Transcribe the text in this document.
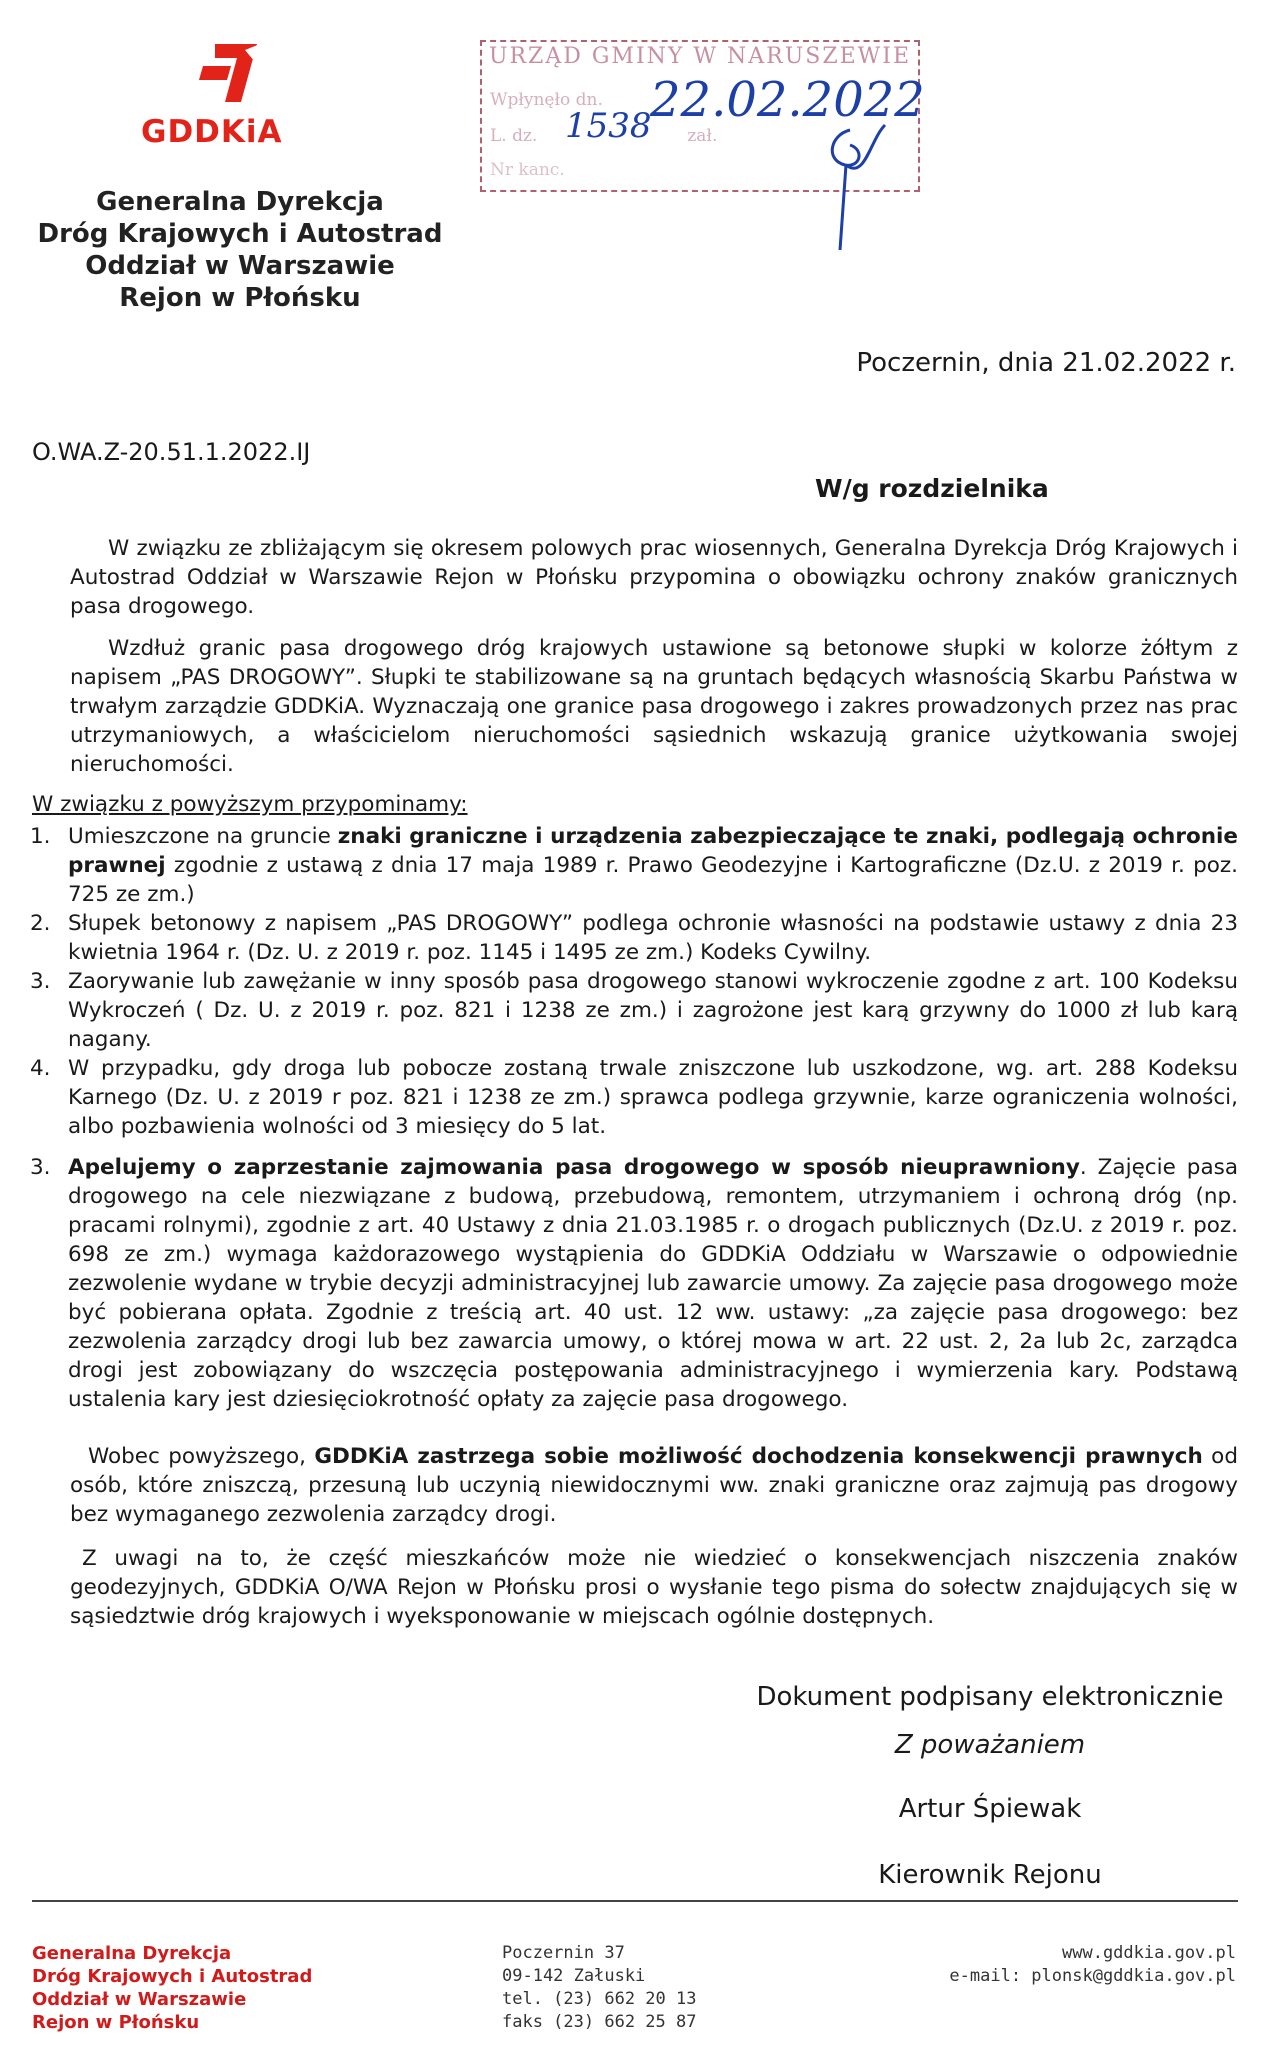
GDDKiA
Generalna Dyrekcja
Dróg Krajowych i Autostrad
Oddział w Warszawie
Rejon w Płońsku
URZĄD GMINY W NARUSZEWIE
Wpłynęło dn.
L. dz.	zał.
Nr kanc.
22.02.2022
1538
Poczernin, dnia 21.02.2022 r.
O.WA.Z-20.51.1.2022.IJ
W/g rozdzielnika
W związku ze zbliżającym się okresem polowych prac wiosennych, Generalna Dyrekcja Dróg Krajowych i Autostrad Oddział w Warszawie Rejon w Płońsku przypomina o obowiązku ochrony znaków granicznych pasa drogowego.
Wzdłuż granic pasa drogowego dróg krajowych ustawione są betonowe słupki w kolorze żółtym z napisem „PAS DROGOWY”. Słupki te stabilizowane są na gruntach będących własnością Skarbu Państwa w trwałym zarządzie GDDKiA. Wyznaczają one granice pasa drogowego i zakres prowadzonych przez nas prac utrzymaniowych, a właścicielom nieruchomości sąsiednich wskazują granice użytkowania swojej nieruchomości.
W związku z powyższym przypominamy:
1. Umieszczone na gruncie znaki graniczne i urządzenia zabezpieczające te znaki, podlegają ochronie prawnej zgodnie z ustawą z dnia 17 maja 1989 r. Prawo Geodezyjne i Kartograficzne (Dz.U. z 2019 r. poz. 725 ze zm.)
2. Słupek betonowy z napisem „PAS DROGOWY” podlega ochronie własności na podstawie ustawy z dnia 23 kwietnia 1964 r. (Dz. U. z 2019 r. poz. 1145 i 1495 ze zm.) Kodeks Cywilny.
3. Zaorywanie lub zawężanie w inny sposób pasa drogowego stanowi wykroczenie zgodne z art. 100 Kodeksu Wykroczeń ( Dz. U. z 2019 r. poz. 821 i 1238 ze zm.) i zagrożone jest karą grzywny do 1000 zł lub karą nagany.
4. W przypadku, gdy droga lub pobocze zostaną trwale zniszczone lub uszkodzone, wg. art. 288 Kodeksu Karnego (Dz. U. z 2019 r poz. 821 i 1238 ze zm.) sprawca podlega grzywnie, karze ograniczenia wolności, albo pozbawienia wolności od 3 miesięcy do 5 lat.
3. Apelujemy o zaprzestanie zajmowania pasa drogowego w sposób nieuprawniony. Zajęcie pasa drogowego na cele niezwiązane z budową, przebudową, remontem, utrzymaniem i ochroną dróg (np. pracami rolnymi), zgodnie z art. 40 Ustawy z dnia 21.03.1985 r. o drogach publicznych (Dz.U. z 2019 r. poz. 698 ze zm.) wymaga każdorazowego wystąpienia do GDDKiA Oddziału w Warszawie o odpowiednie zezwolenie wydane w trybie decyzji administracyjnej lub zawarcie umowy. Za zajęcie pasa drogowego może być pobierana opłata. Zgodnie z treścią art. 40 ust. 12 ww. ustawy: „za zajęcie pasa drogowego: bez zezwolenia zarządcy drogi lub bez zawarcia umowy, o której mowa w art. 22 ust. 2, 2a lub 2c, zarządca drogi jest zobowiązany do wszczęcia postępowania administracyjnego i wymierzenia kary. Podstawą ustalenia kary jest dziesięciokrotność opłaty za zajęcie pasa drogowego.
Wobec powyższego, GDDKiA zastrzega sobie możliwość dochodzenia konsekwencji prawnych od osób, które zniszczą, przesuną lub uczynią niewidocznymi ww. znaki graniczne oraz zajmują pas drogowy bez wymaganego zezwolenia zarządcy drogi.
Z uwagi na to, że część mieszkańców może nie wiedzieć o konsekwencjach niszczenia znaków geodezyjnych, GDDKiA O/WA Rejon w Płońsku prosi o wysłanie tego pisma do sołectw znajdujących się w sąsiedztwie dróg krajowych i wyeksponowanie w miejscach ogólnie dostępnych.
Dokument podpisany elektronicznie
Z poważaniem
Artur Śpiewak
Kierownik Rejonu
Generalna Dyrekcja
Dróg Krajowych i Autostrad
Oddział w Warszawie
Rejon w Płońsku
Poczernin 37
09-142 Załuski
tel. (23) 662 20 13
faks (23) 662 25 87
www.gddkia.gov.pl
e-mail: plonsk@gddkia.gov.pl
